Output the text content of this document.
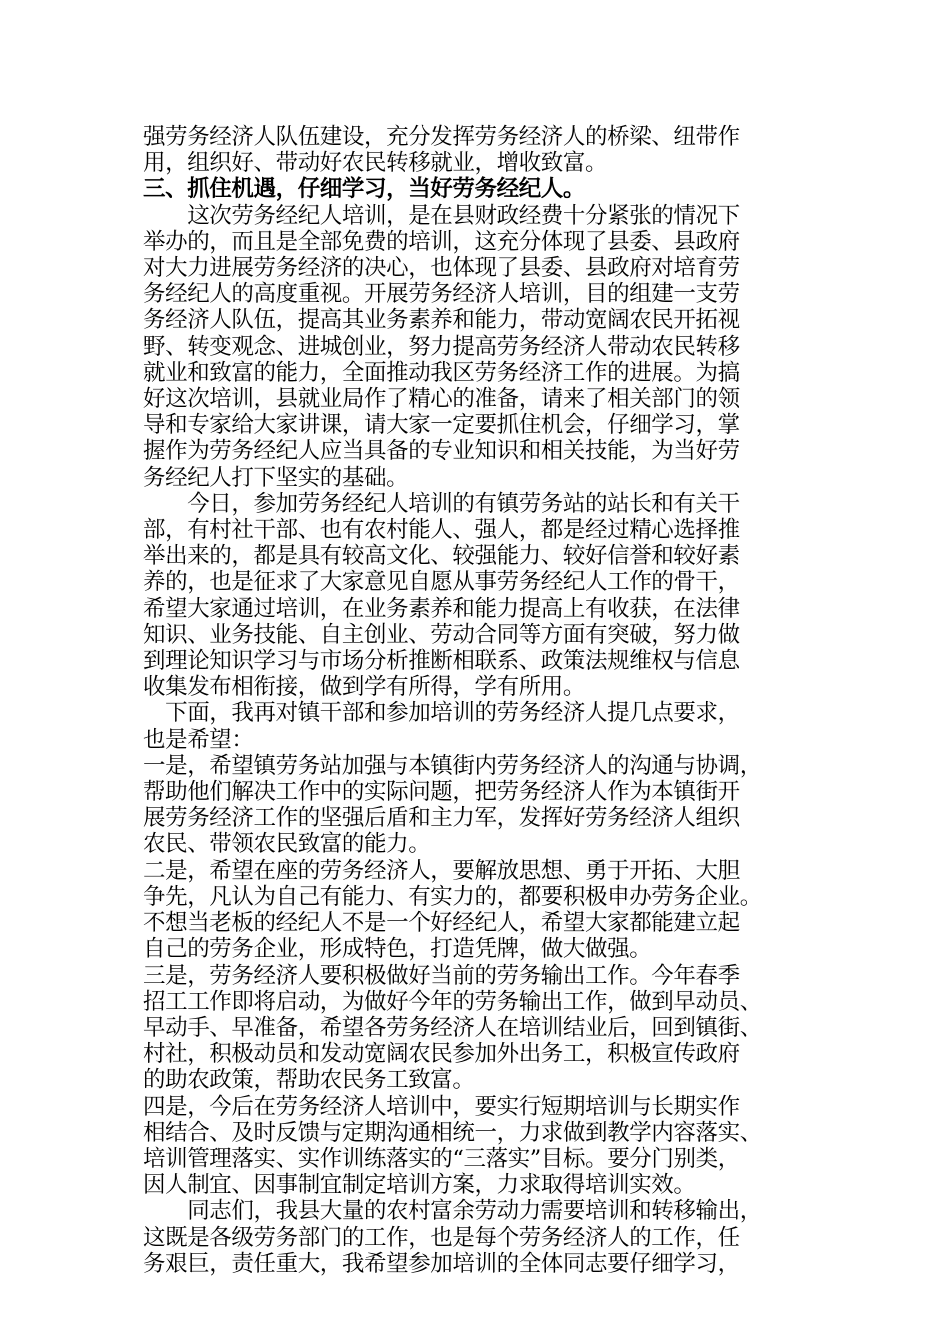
强劳务经济人队伍建设，充分发挥劳务经济人的桥梁、纽带作
用，组织好、带动好农民转移就业，增收致富。
三、抓住机遇，仔细学习，当好劳务经纪人。
　　这次劳务经纪人培训，是在县财政经费十分紧张的情况下
举办的，而且是全部免费的培训，这充分体现了县委、县政府
对大力进展劳务经济的决心，也体现了县委、县政府对培育劳
务经纪人的高度重视。开展劳务经济人培训，目的组建一支劳
务经济人队伍，提高其业务素养和能力，带动宽阔农民开拓视
野、转变观念、进城创业，努力提高劳务经济人带动农民转移
就业和致富的能力，全面推动我区劳务经济工作的进展。为搞
好这次培训，县就业局作了精心的准备，请来了相关部门的领
导和专家给大家讲课，请大家一定要抓住机会，仔细学习，掌
握作为劳务经纪人应当具备的专业知识和相关技能，为当好劳
务经纪人打下坚实的基础。
　　今日，参加劳务经纪人培训的有镇劳务站的站长和有关干
部，有村社干部、也有农村能人、强人，都是经过精心选择推
举出来的，都是具有较高文化、较强能力、较好信誉和较好素
养的，也是征求了大家意见自愿从事劳务经纪人工作的骨干，
希望大家通过培训，在业务素养和能力提高上有收获，在法律
知识、业务技能、自主创业、劳动合同等方面有突破，努力做
到理论知识学习与市场分析推断相联系、政策法规维权与信息
收集发布相衔接，做到学有所得，学有所用。
　下面，我再对镇干部和参加培训的劳务经济人提几点要求，
也是希望：
一是，希望镇劳务站加强与本镇街内劳务经济人的沟通与协调，
帮助他们解决工作中的实际问题，把劳务经济人作为本镇街开
展劳务经济工作的坚强后盾和主力军，发挥好劳务经济人组织
农民、带领农民致富的能力。
二是，希望在座的劳务经济人，要解放思想、勇于开拓、大胆
争先，凡认为自己有能力、有实力的，都要积极申办劳务企业。
不想当老板的经纪人不是一个好经纪人，希望大家都能建立起
自己的劳务企业，形成特色，打造凭牌，做大做强。
三是，劳务经济人要积极做好当前的劳务输出工作。今年春季
招工工作即将启动，为做好今年的劳务输出工作，做到早动员、
早动手、早准备，希望各劳务经济人在培训结业后，回到镇街、
村社，积极动员和发动宽阔农民参加外出务工，积极宣传政府
的助农政策，帮助农民务工致富。
四是，今后在劳务经济人培训中，要实行短期培训与长期实作
相结合、及时反馈与定期沟通相统一，力求做到教学内容落实、
培训管理落实、实作训练落实的“三落实”目标。要分门别类，
因人制宜、因事制宜制定培训方案，力求取得培训实效。
　　同志们，我县大量的农村富余劳动力需要培训和转移输出，
这既是各级劳务部门的工作，也是每个劳务经济人的工作，任
务艰巨，责任重大，我希望参加培训的全体同志要仔细学习，
